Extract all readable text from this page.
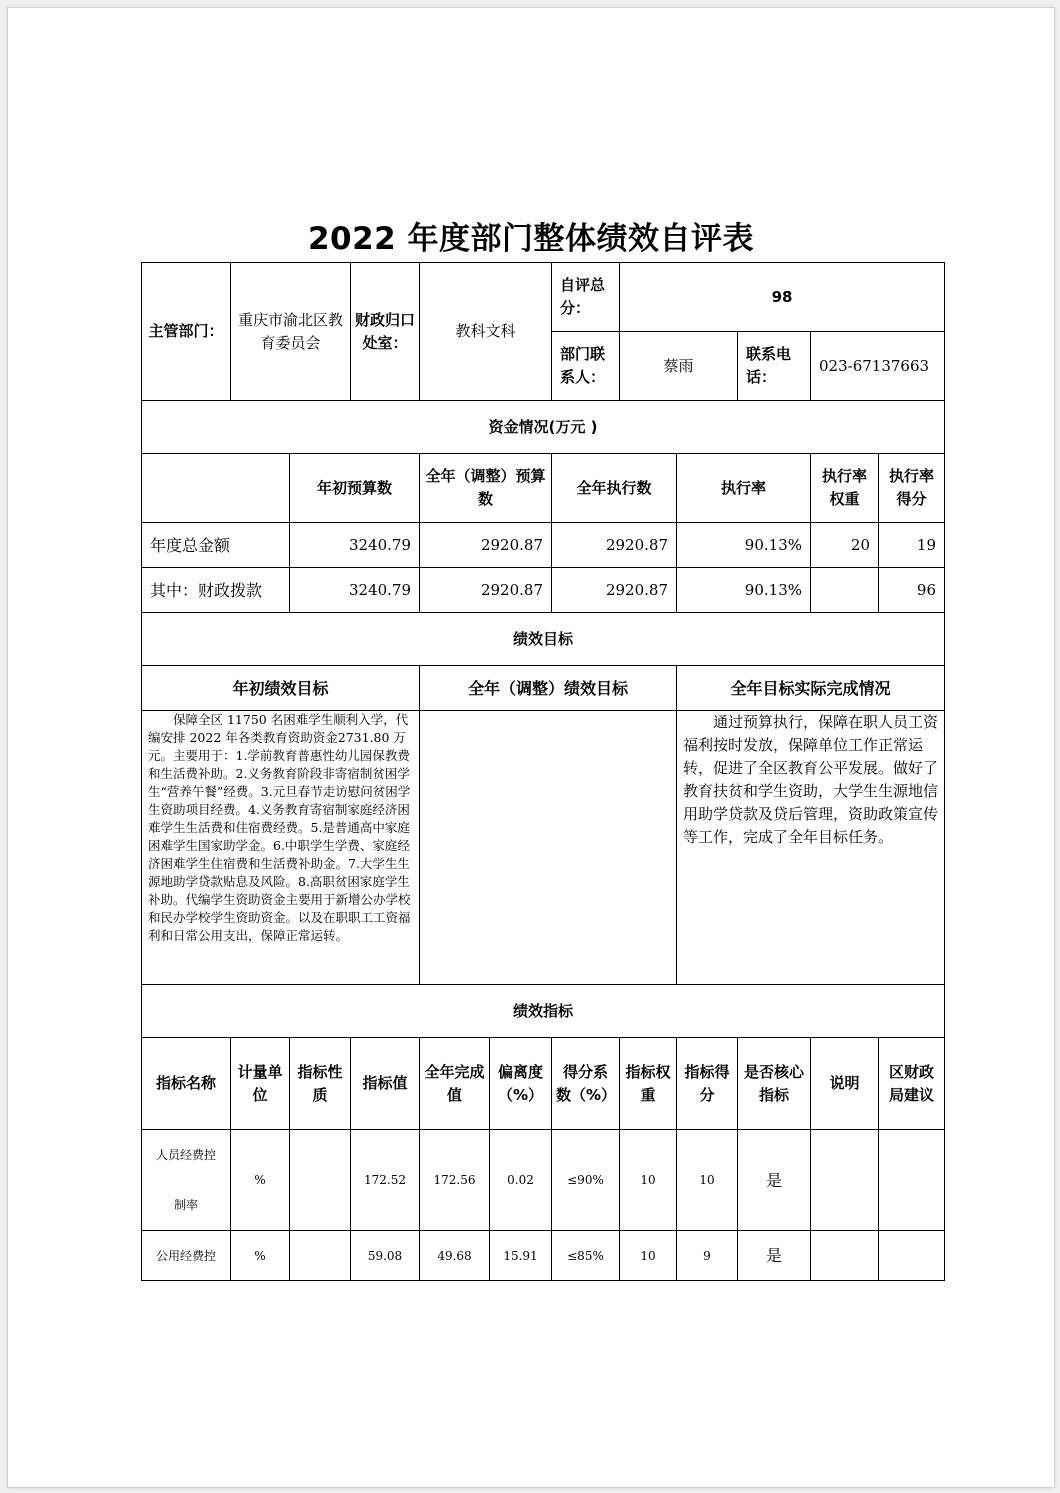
2022 年度部门整体绩效自评表
主管部门：	重庆市渝北区教育委员会		财政归口处室：	教科文科		自评总分：	98				
						部门联系人：	蔡雨		联系电话：	023-67137663	
资金情况(万元 )											
		年初预算数		全年（调整）预算数		全年执行数		执行率		执行率权重	执行率得分
年度总金额		3240.79		2920.87		2920.87		90.13%		20	19
其中：财政拨款		3240.79		2920.87		2920.87		90.13%			96
绩效目标											
年初绩效目标				全年（调整）绩效目标				全年目标实际完成情况			
保障全区 11750 名困难学生顺利入学，代编安排 2022 年各类教育资助资金2731.80 万元。主要用于：1.学前教育普惠性幼儿园保教费和生活费补助。2.义务教育阶段非寄宿制贫困学生“营养午餐”经费。3.元旦春节走访慰问贫困学生资助项目经费。4.义务教育寄宿制家庭经济困难学生生活费和住宿费经费。5.是普通高中家庭困难学生国家助学金。6.中职学生学费、家庭经济困难学生住宿费和生活费补助金。7.大学生生源地助学贷款贴息及风险。8.高职贫困家庭学生补助。代编学生资助资金主要用于新增公办学校和民办学校学生资助资金。以及在职职工工资福利和日常公用支出，保障正常运转。								通过预算执行，保障在职人员工资福利按时发放，保障单位工作正常运转，促进了全区教育公平发展。做好了教育扶贫和学生资助，大学生生源地信用助学贷款及贷后管理，资助政策宣传等工作，完成了全年目标任务。			
绩效指标											
指标名称	计量单位	指标性质	指标值	全年完成值	偏离度（%）	得分系数（%）	指标权重	指标得分	是否核心指标	说明	区财政局建议

人员经费控
制率	%		172.52	172.56	0.02	≤90%	10	10	是		

公用经费控	%		59.08	49.68	15.91	≤85%	10	9	是		
